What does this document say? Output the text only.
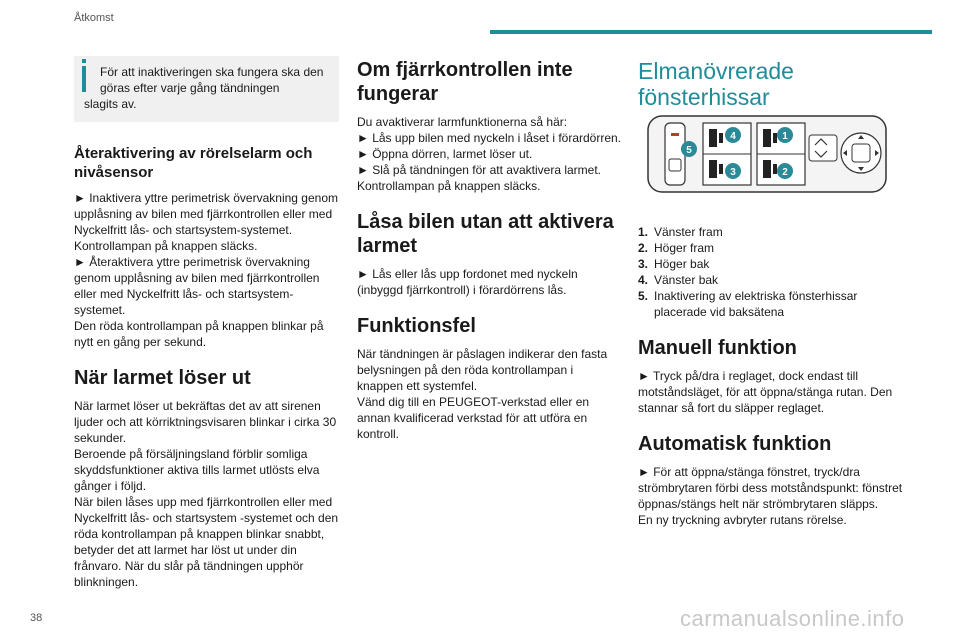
Åtkomst
För att inaktiveringen ska fungera ska den göras efter varje gång tändningen
slagits av.
Återaktivering av rörelselarm och nivåsensor

► Inaktivera yttre perimetrisk övervakning genom upplåsning av bilen med fjärrkontrollen eller med Nyckelfritt lås- och startsystem-systemet.

Kontrollampan på knappen släcks.

► Återaktivera yttre perimetrisk övervakning genom upplåsning av bilen med fjärrkontrollen eller med Nyckelfritt lås- och startsystem-systemet.

Den röda kontrollampan på knappen blinkar på nytt en gång per sekund.

När larmet löser ut

När larmet löser ut bekräftas det av att sirenen ljuder och att körriktningsvisaren blinkar i cirka 30 sekunder.

Beroende på försäljningsland förblir somliga skyddsfunktioner aktiva tills larmet utlösts elva gånger i följd.

När bilen låses upp med fjärrkontrollen eller med Nyckelfritt lås- och startsystem -systemet och den röda kontrollampan på knappen blinkar snabbt, betyder det att larmet har löst ut under din frånvaro. När du slår på tändningen upphör blinkningen.

Om fjärrkontrollen inte fungerar

Du avaktiverar larmfunktionerna så här:

► Lås upp bilen med nyckeln i låset i förardörren.

► Öppna dörren, larmet löser ut.

► Slå på tändningen för att avaktivera larmet.

Kontrollampan på knappen släcks.

Låsa bilen utan att aktivera larmet

► Lås eller lås upp fordonet med nyckeln (inbyggd fjärrkontroll) i förardörrens lås.

Funktionsfel

När tändningen är påslagen indikerar den fasta belysningen på den röda kontrollampan i knappen ett systemfel.

Vänd dig till en PEUGEOT-verkstad eller en annan kvalificerad verkstad för att utföra en kontroll.

Elmanövrerade fönsterhissar
1. Vänster fram
2. Höger fram
3. Höger bak
4. Vänster bak
5. Inaktivering av elektriska fönsterhissar placerade vid baksätena
Manuell funktion

► Tryck på/dra i reglaget, dock endast till motståndsläget, för att öppna/stänga rutan. Den stannar så fort du släpper reglaget.

Automatisk funktion

► För att öppna/stänga fönstret, tryck/dra strömbrytaren förbi dess motståndspunkt: fönstret öppnas/stängs helt när strömbrytaren släpps.

En ny tryckning avbryter rutans rörelse.

5
4
3
1
2
38	carmanualsonline.info
